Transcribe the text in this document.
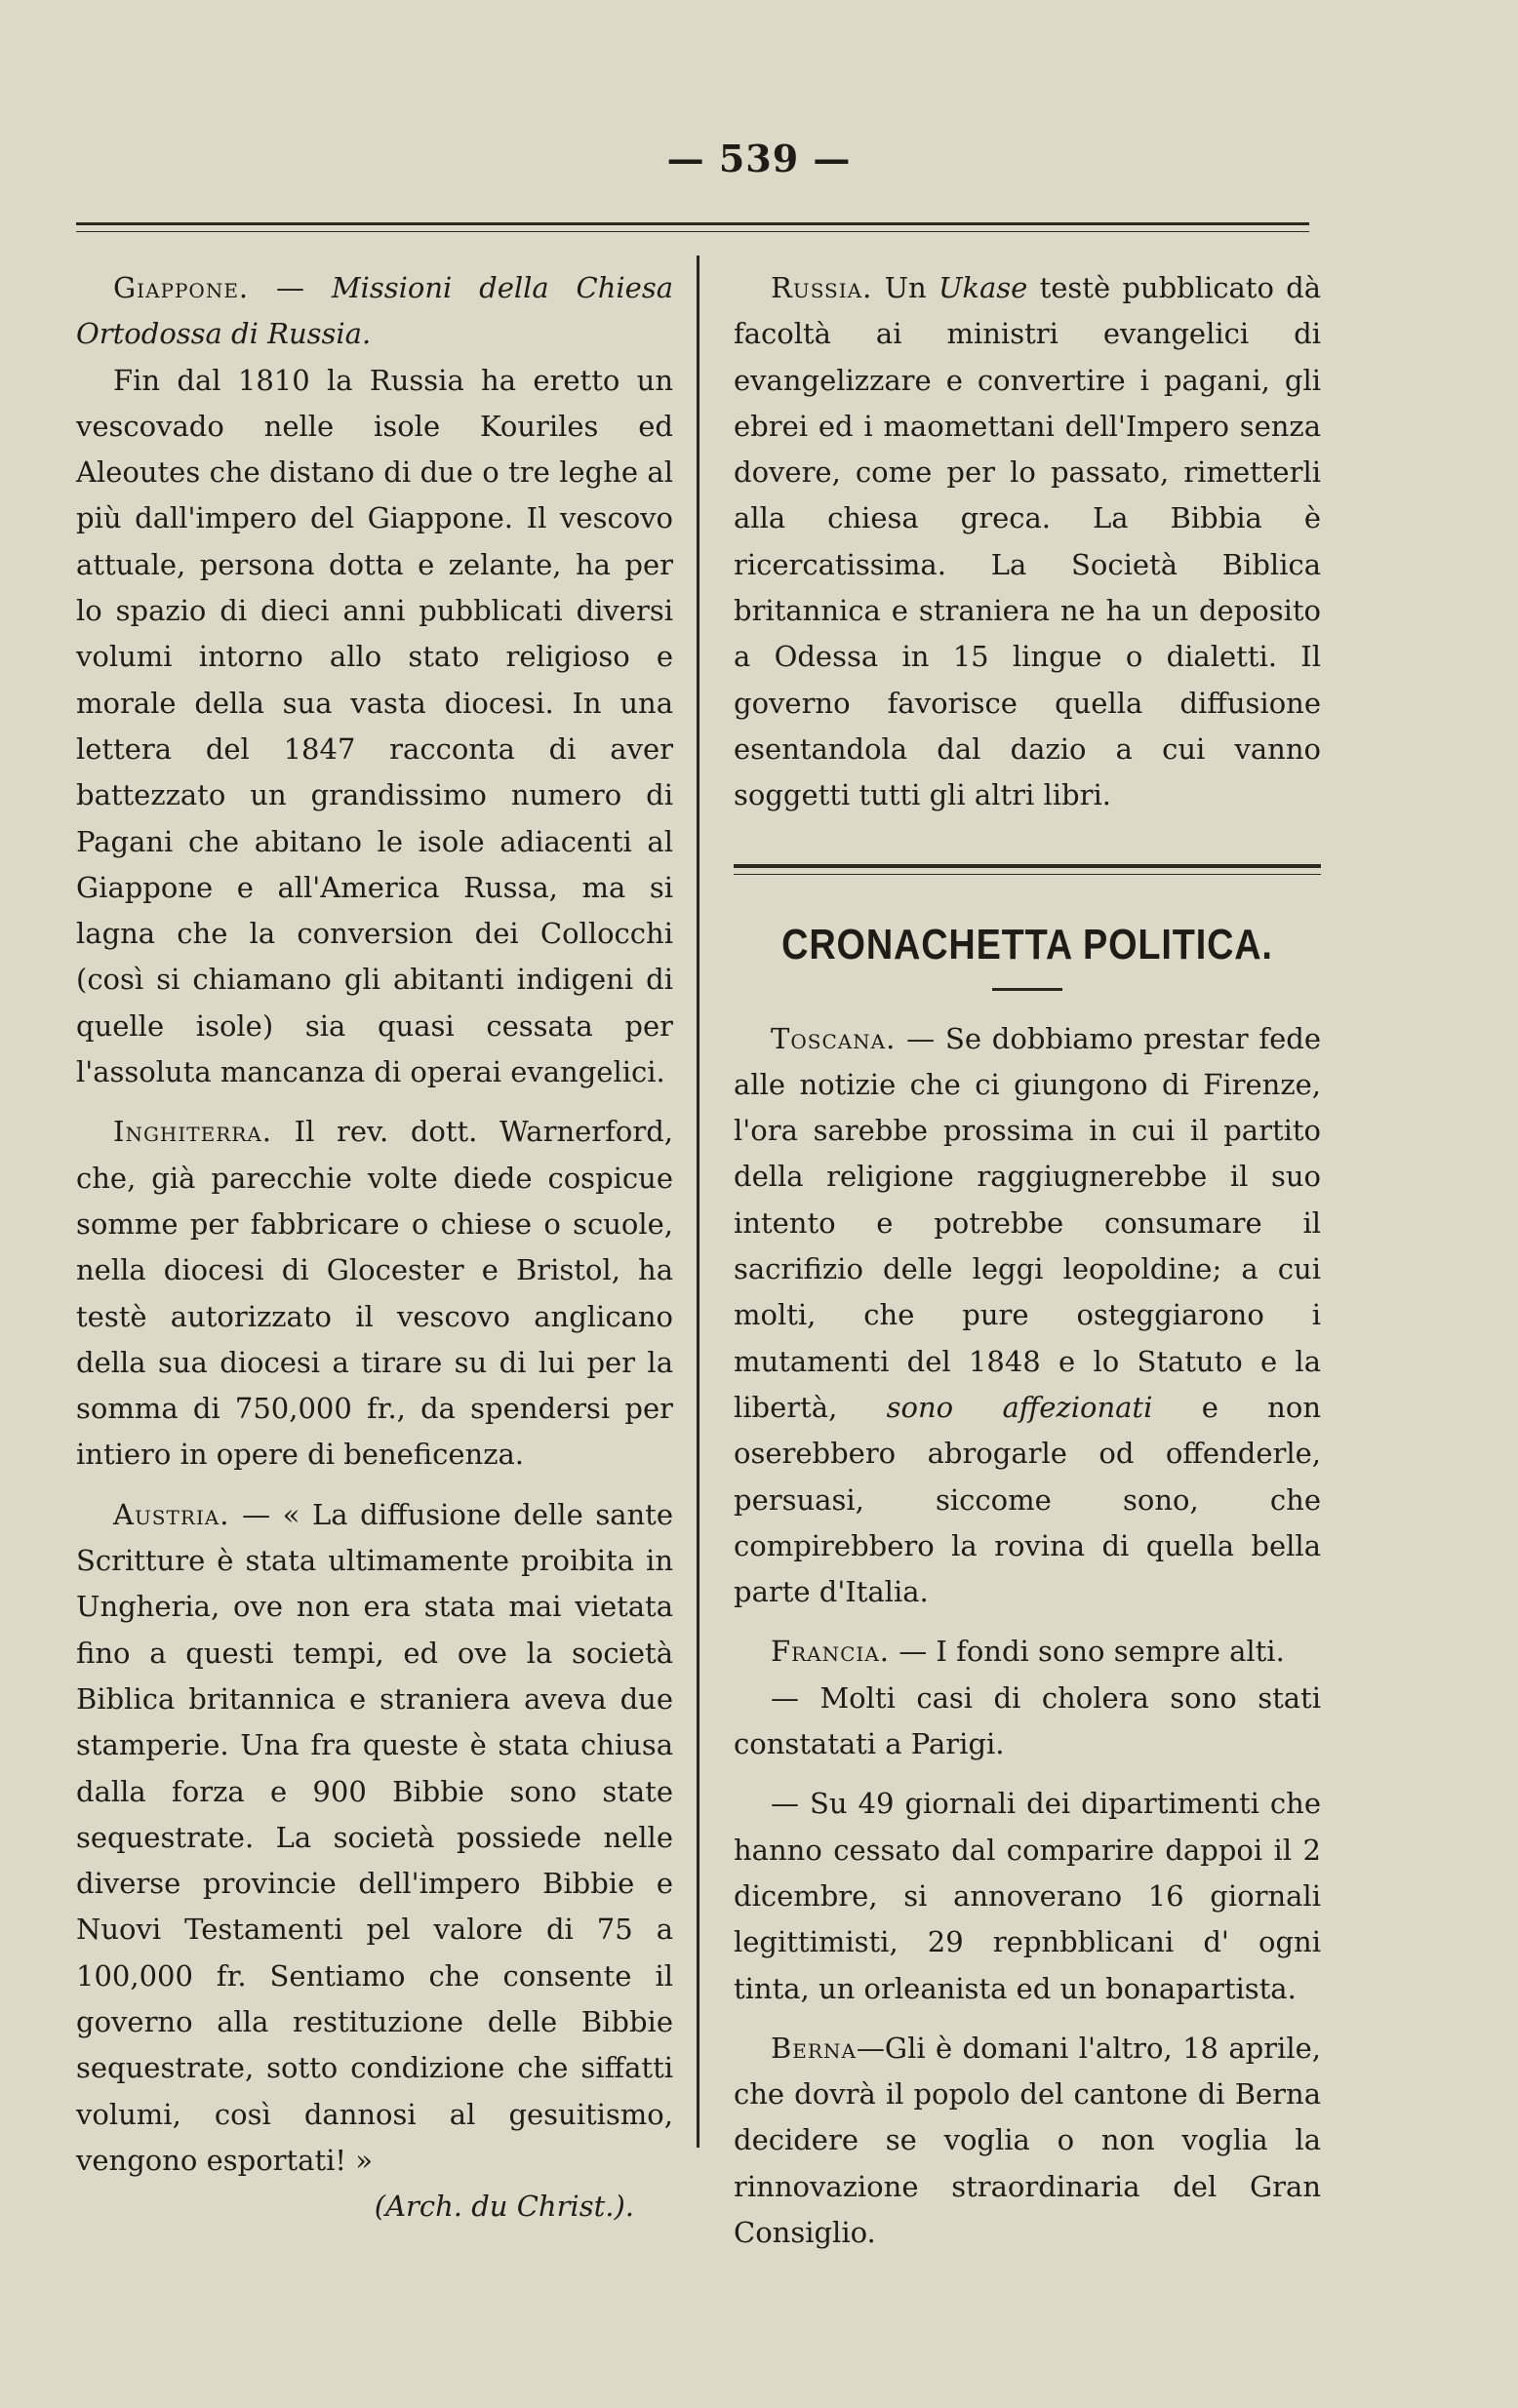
— 539 —

Giappone. — Missioni della Chiesa Ortodossa di Russia.

Fin dal 1810 la Russia ha eretto un vescovado nelle isole Kouriles ed Aleoutes che distano di due o tre leghe al più dall'impero del Giappone. Il vescovo attuale, persona dotta e zelante, ha per lo spazio di dieci anni pubblicati diversi volumi intorno allo stato religioso e morale della sua vasta diocesi. In una lettera del 1847 racconta di aver battezzato un grandissimo numero di Pagani che abitano le isole adiacenti al Giappone e all'America Russa, ma si lagna che la conversion dei Collocchi (così si chiamano gli abitanti indigeni di quelle isole) sia quasi cessata per l'assoluta mancanza di operai evangelici.

Inghiterra. Il rev. dott. Warnerford, che, già parecchie volte diede cospicue somme per fabbricare o chiese o scuole, nella diocesi di Glocester e Bristol, ha testè autorizzato il vescovo anglicano della sua diocesi a tirare su di lui per la somma di 750,000 fr., da spendersi per intiero in opere di beneficenza.

Austria. — « La diffusione delle sante Scritture è stata ultimamente proibita in Ungheria, ove non era stata mai vietata fino a questi tempi, ed ove la società Biblica britannica e straniera aveva due stamperie. Una fra queste è stata chiusa dalla forza e 900 Bibbie sono state sequestrate. La società possiede nelle diverse provincie dell'impero Bibbie e Nuovi Testamenti pel valore di 75 a 100,000 fr. Sentiamo che consente il governo alla restituzione delle Bibbie sequestrate, sotto condizione che siffatti volumi, così dannosi al gesuitismo, vengono esportati! »

(Arch. du Christ.).

Russia. Un Ukase testè pubblicato dà facoltà ai ministri evangelici di evangelizzare e convertire i pagani, gli ebrei ed i maomettani dell'Impero senza dovere, come per lo passato, rimetterli alla chiesa greca. La Bibbia è ricercatissima. La Società Biblica britannica e straniera ne ha un deposito a Odessa in 15 lingue o dialetti. Il governo favorisce quella diffusione esentandola dal dazio a cui vanno soggetti tutti gli altri libri.

CRONACHETTA POLITICA.

Toscana. — Se dobbiamo prestar fede alle notizie che ci giungono di Firenze, l'ora sarebbe prossima in cui il partito della religione raggiugnerebbe il suo intento e potrebbe consumare il sacrifizio delle leggi leopoldine; a cui molti, che pure osteggiarono i mutamenti del 1848 e lo Statuto e la libertà, sono affezionati e non oserebbero abrogarle od offenderle, persuasi, siccome sono, che compirebbero la rovina di quella bella parte d'Italia.

Francia. — I fondi sono sempre alti.

— Molti casi di cholera sono stati constatati a Parigi.

— Su 49 giornali dei dipartimenti che hanno cessato dal comparire dappoi il 2 dicembre, si annoverano 16 giornali legittimisti, 29 repnbblicani d' ogni tinta, un orleanista ed un bonapartista.

Berna—Gli è domani l'altro, 18 aprile, che dovrà il popolo del cantone di Berna decidere se voglia o non voglia la rinnovazione straordinaria del Gran Consiglio.
